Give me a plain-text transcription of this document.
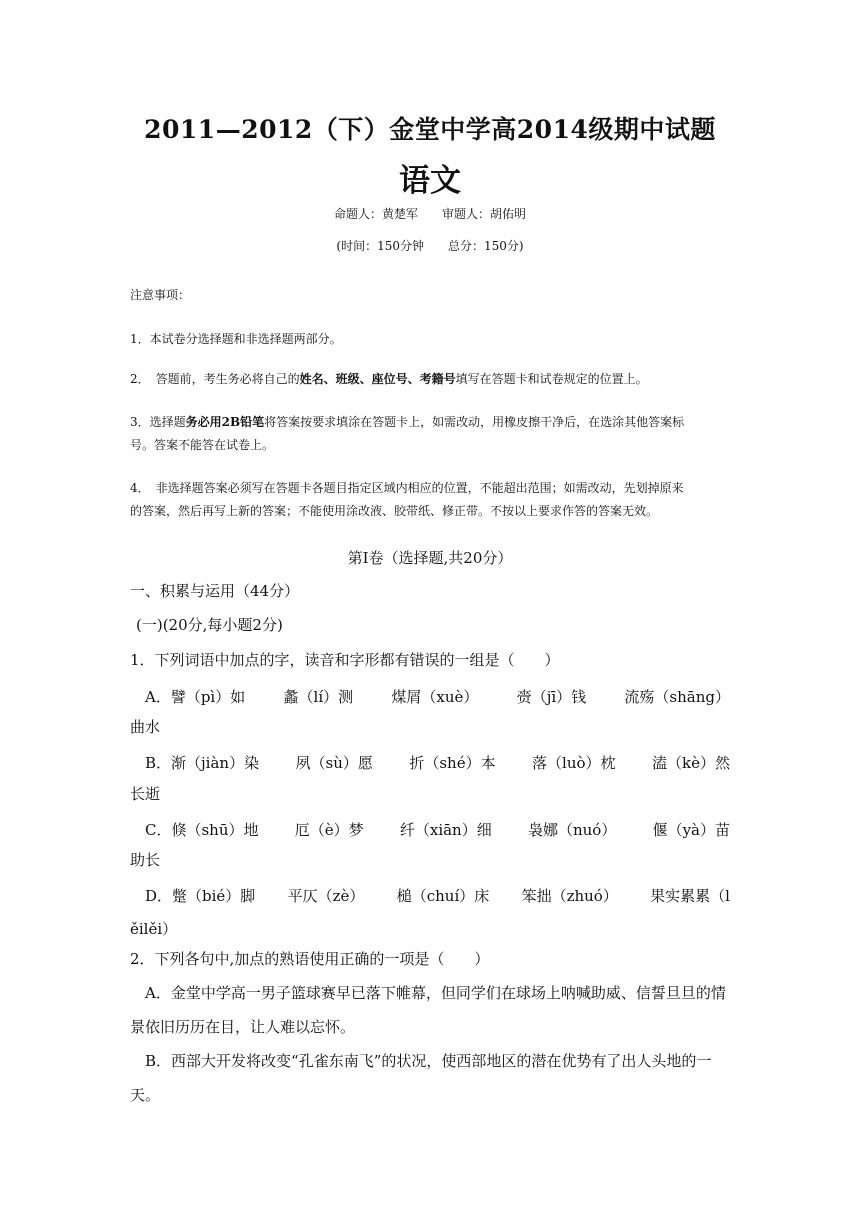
2011—2012（下）金堂中学高2014级期中试题
语文
命题人：黄楚军　　审题人：胡佑明
(时间：150分钟　　总分：150分)
注意事项：
1．本试卷分选择题和非选择题两部分。
2．　答题前，考生务必将自己的姓名、班级、座位号、考籍号填写在答题卡和试卷规定的位置上。
3．选择题务必用2B铅笔将答案按要求填涂在答题卡上，如需改动，用橡皮擦干净后，在选涂其他答案标
号。答案不能答在试卷上。
4．　非选择题答案必须写在答题卡各题目指定区域内相应的位置，不能超出范围；如需改动，先划掉原来
的答案，然后再写上新的答案；不能使用涂改液、胶带纸、修正带。不按以上要求作答的答案无效。
第Ⅰ卷（选择题,共20分）
一、积累与运用（44分）
(一)(20分,每小题2分)
1．下列词语中加点的字，读音和字形都有错误的一组是（　　）
A．譬（pì）如	蠡（lí）测	煤屑（xuè）	赍（jī）钱	流殇（shāng）
曲水
B．渐（jiàn）染 夙（sù）愿 折（shé）本 落（luò）枕 溘（kè）然
长逝
C．倏（shū）地 厄（è）梦 纤（xiān）细 袅娜（nuó） 偃（yà）苗
助长
D．蹩（bié）脚 平仄（zè） 槌（chuí）床 笨拙（zhuó） 果实累累（l
ěilěi）
2．下列各句中,加点的熟语使用正确的一项是（　　）
A．金堂中学高一男子篮球赛早已落下帷幕，但同学们在球场上呐喊助威、信誓旦旦的情
景依旧历历在目，让人难以忘怀。
B．西部大开发将改变“孔雀东南飞”的状况，使西部地区的潜在优势有了出人头地的一
天。
